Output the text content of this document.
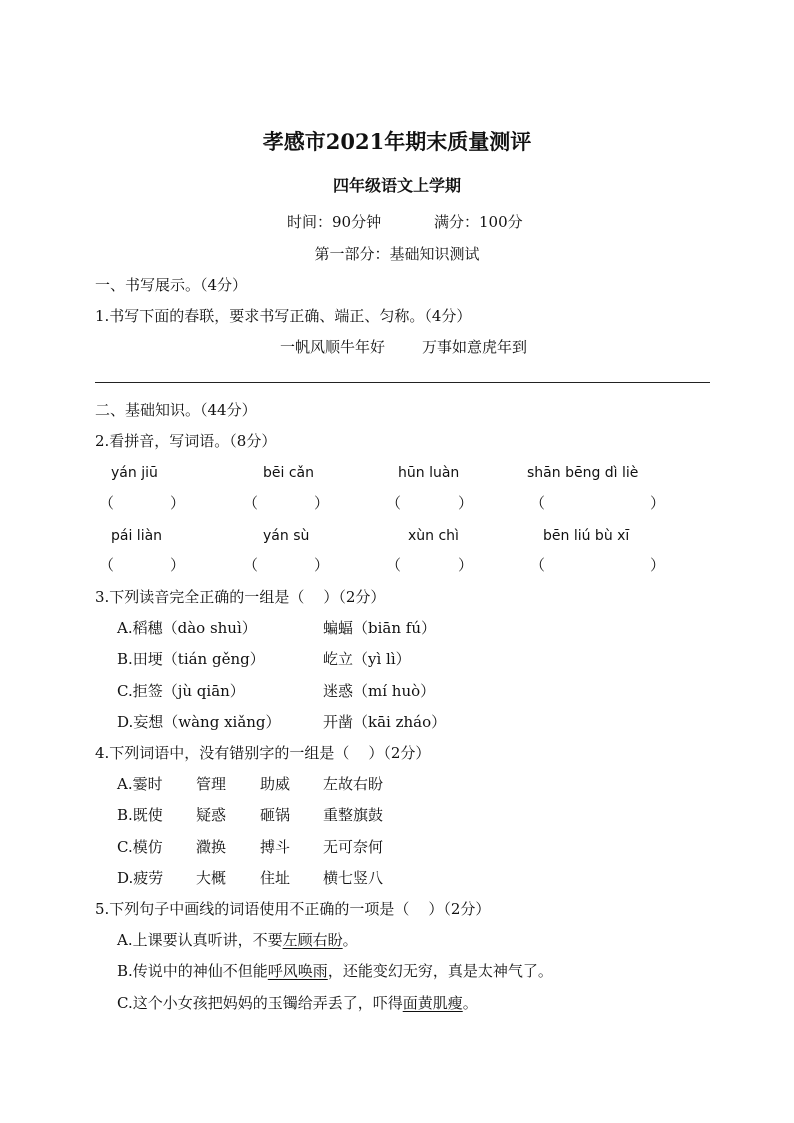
孝感市2021年期末质量测评
四年级语文上学期
时间：90分钟	满分：100分
第一部分：基础知识测试
一、书写展示。（4分）
1.书写下面的春联，要求书写正确、端正、匀称。（4分）
一帆风顺牛年好 万事如意虎年到
二、基础知识。（44分）
2.看拼音，写词语。（8分）
yán jiū	bēi cǎn	hūn luàn	shān bēng dì liè
（	）	（	）	（	）	（	）
pái liàn	yán sù	xùn chì	bēn liú bù xī
（	）	（	）	（	）	（	）
3.下列读音完全正确的一组是（    ）（2分）
A.稻穗（dào shuì）	蝙蝠（biān fú）
B.田埂（tián gěng）	屹立（yì lì）
C.拒签（jù qiān）	迷惑（mí huò）
D.妄想（wàng xiǎng）	开凿（kāi zháo）
4.下列词语中，没有错别字的一组是（    ）（2分）
A.霎时 管理 助威 左故右盼
B.既使 疑惑 砸锅 重整旗鼓
C.模仿 瀓换 搏斗 无可奈何
D.疲劳 大概 住址 横七竖八
5.下列句子中画线的词语使用不正确的一项是（    ）（2分）
A.上课要认真听讲，不要左顾右盼。
B.传说中的神仙不但能呼风唤雨，还能变幻无穷，真是太神气了。
C.这个小女孩把妈妈的玉镯给弄丢了，吓得面黄肌瘦。
